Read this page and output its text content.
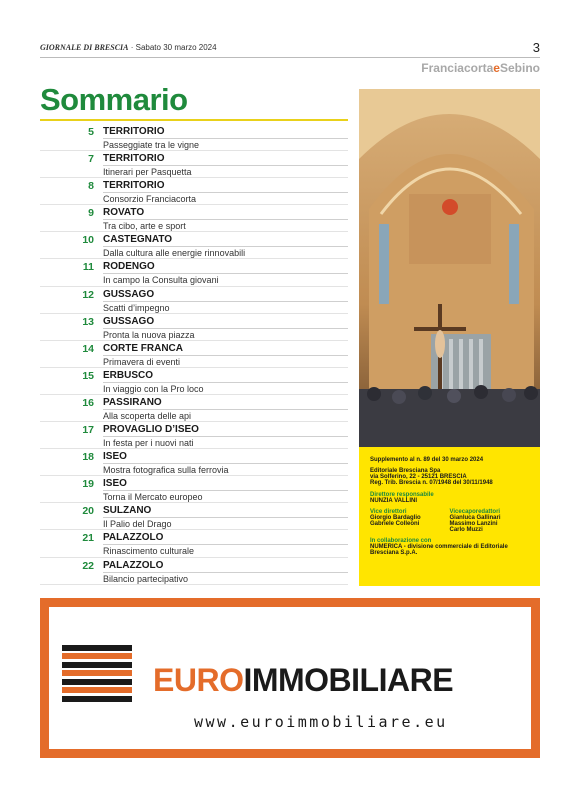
GIORNALE DI BRESCIA · Sabato 30 marzo 2024	3
FranciacortaeSebino
Sommario
5 TERRITORIO
Passeggiate tra le vigne
7 TERRITORIO
Itinerari per Pasquetta
8 TERRITORIO
Consorzio Franciacorta
9 ROVATO
Tra cibo, arte e sport
10 CASTEGNATO
Dalla cultura alle energie rinnovabili
11 RODENGO
In campo la Consulta giovani
12 GUSSAGO
Scatti d’impegno
13 GUSSAGO
Pronta la nuova piazza
14 CORTE FRANCA
Primavera di eventi
15 ERBUSCO
In viaggio con la Pro loco
16 PASSIRANO
Alla scoperta delle api
17 PROVAGLIO D’ISEO
In festa per i nuovi nati
18 ISEO
Mostra fotografica sulla ferrovia
19 ISEO
Torna il Mercato europeo
20 SULZANO
Il Palio del Drago
21 PALAZZOLO
Rinascimento culturale
22 PALAZZOLO
Bilancio partecipativo
Supplemento al n. 89 del 30 marzo 2024
Editoriale Bresciana Spa
via Solferino, 22 - 25121 BRESCIA
Reg. Trib. Brescia n. 07/1948 del 30/11/1948
Direttore responsabile
NUNZIA VALLINI
Vice direttori
Giorgio Bardaglio
Gabriele Colleoni
Vicecaporedattori
Gianluca Gallinari
Massimo Lanzini
Carlo Muzzi
In collaborazione con
NUMERICA - divisione commerciale di Editoriale Bresciana S.p.A.
EUROIMMOBILIARE
www.euroimmobiliare.eu
